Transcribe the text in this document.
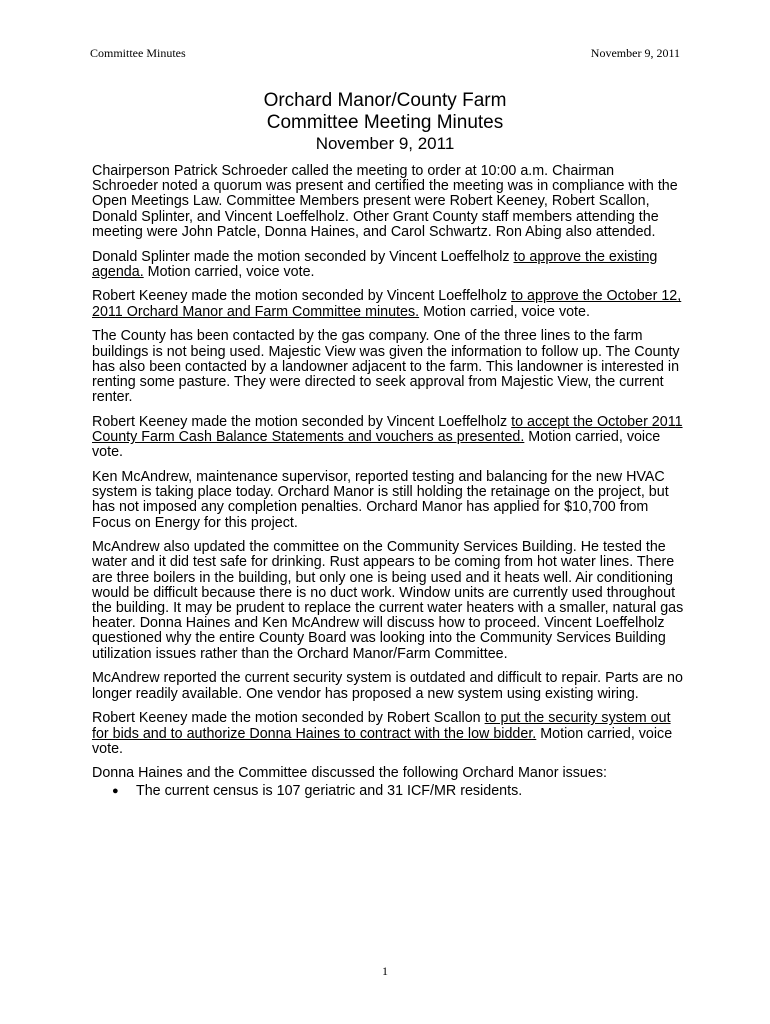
Committee Minutes	November 9, 2011
Orchard Manor/County Farm
Committee Meeting Minutes
November 9, 2011

Chairperson Patrick Schroeder called the meeting to order at 10:00 a.m. Chairman Schroeder noted a quorum was present and certified the meeting was in compliance with the Open Meetings Law. Committee Members present were Robert Keeney, Robert Scallon, Donald Splinter, and Vincent Loeffelholz. Other Grant County staff members attending the meeting were John Patcle, Donna Haines, and Carol Schwartz. Ron Abing also attended.

Donald Splinter made the motion seconded by Vincent Loeffelholz to approve the existing agenda. Motion carried, voice vote.

Robert Keeney made the motion seconded by Vincent Loeffelholz to approve the October 12, 2011 Orchard Manor and Farm Committee minutes. Motion carried, voice vote.

The County has been contacted by the gas company. One of the three lines to the farm buildings is not being used. Majestic View was given the information to follow up. The County has also been contacted by a landowner adjacent to the farm. This landowner is interested in renting some pasture. They were directed to seek approval from Majestic View, the current renter.

Robert Keeney made the motion seconded by Vincent Loeffelholz to accept the October 2011 County Farm Cash Balance Statements and vouchers as presented. Motion carried, voice vote.

Ken McAndrew, maintenance supervisor, reported testing and balancing for the new HVAC system is taking place today. Orchard Manor is still holding the retainage on the project, but has not imposed any completion penalties. Orchard Manor has applied for $10,700 from Focus on Energy for this project.

McAndrew also updated the committee on the Community Services Building. He tested the water and it did test safe for drinking. Rust appears to be coming from hot water lines. There are three boilers in the building, but only one is being used and it heats well. Air conditioning would be difficult because there is no duct work. Window units are currently used throughout the building. It may be prudent to replace the current water heaters with a smaller, natural gas heater. Donna Haines and Ken McAndrew will discuss how to proceed. Vincent Loeffelholz questioned why the entire County Board was looking into the Community Services Building utilization issues rather than the Orchard Manor/Farm Committee.

McAndrew reported the current security system is outdated and difficult to repair. Parts are no longer readily available. One vendor has proposed a new system using existing wiring.

Robert Keeney made the motion seconded by Robert Scallon to put the security system out for bids and to authorize Donna Haines to contract with the low bidder. Motion carried, voice vote.

Donna Haines and the Committee discussed the following Orchard Manor issues:

● The current census is 107 geriatric and 31 ICF/MR residents.
1
